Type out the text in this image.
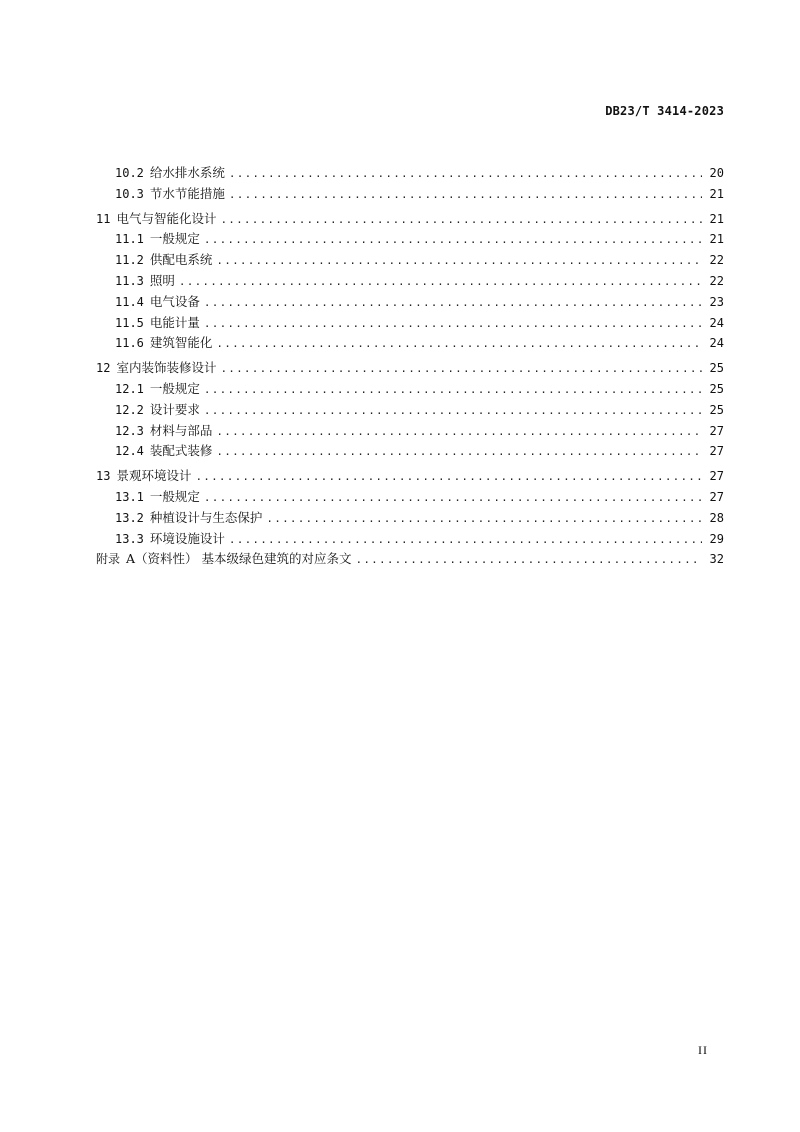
DB23/T 3414-2023
10.2 给水排水系统 .....	20
10.3 节水节能措施 .....	21
11 电气与智能化设计 .....	21
11.1 一般规定 .....	21
11.2 供配电系统 .....	22
11.3 照明 .....	22
11.4 电气设备 .....	23
11.5 电能计量 .....	24
11.6 建筑智能化 .....	24
12 室内装饰装修设计 .....	25
12.1 一般规定 .....	25
12.2 设计要求 .....	25
12.3 材料与部品 .....	27
12.4 装配式装修 .....	27
13 景观环境设计 .....	27
13.1 一般规定 .....	27
13.2 种植设计与生态保护 .....	28
13.3 环境设施设计 .....	29
附录 A（资料性） 基本级绿色建筑的对应条文 .....	32
II
